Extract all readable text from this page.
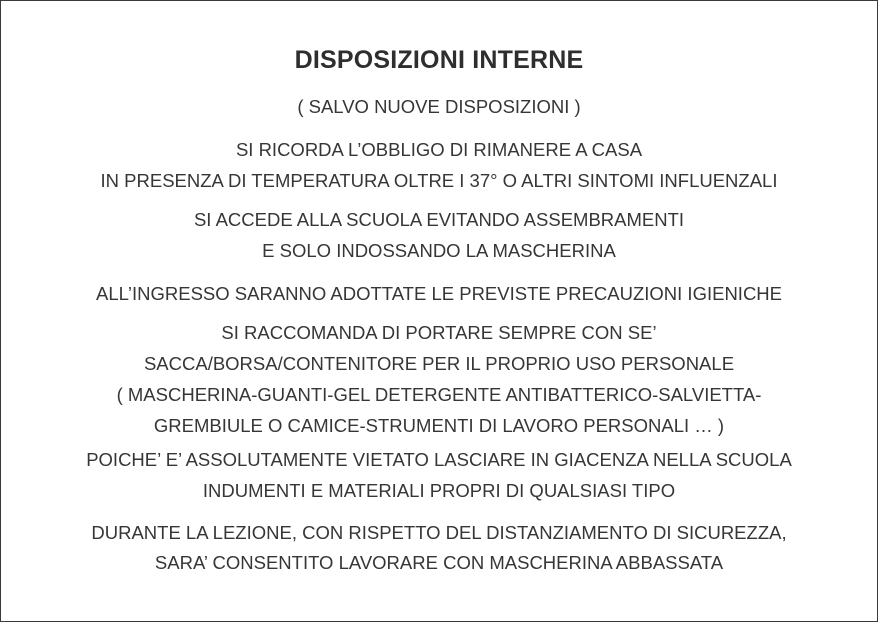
DISPOSIZIONI INTERNE

( SALVO NUOVE DISPOSIZIONI )

SI RICORDA L’OBBLIGO DI RIMANERE A CASA

IN PRESENZA DI TEMPERATURA OLTRE I 37° O ALTRI SINTOMI INFLUENZALI

SI ACCEDE ALLA SCUOLA EVITANDO ASSEMBRAMENTI

E SOLO INDOSSANDO LA MASCHERINA

ALL’INGRESSO SARANNO ADOTTATE LE PREVISTE PRECAUZIONI IGIENICHE

SI RACCOMANDA DI PORTARE SEMPRE CON SE’

SACCA/BORSA/CONTENITORE PER IL PROPRIO USO PERSONALE

( MASCHERINA-GUANTI-GEL DETERGENTE ANTIBATTERICO-SALVIETTA-

GREMBIULE O CAMICE-STRUMENTI DI LAVORO PERSONALI … )

POICHE’ E’ ASSOLUTAMENTE VIETATO LASCIARE IN GIACENZA NELLA SCUOLA

INDUMENTI E MATERIALI PROPRI DI QUALSIASI TIPO

DURANTE LA LEZIONE, CON RISPETTO DEL DISTANZIAMENTO DI SICUREZZA,

SARA’ CONSENTITO LAVORARE CON MASCHERINA ABBASSATA
